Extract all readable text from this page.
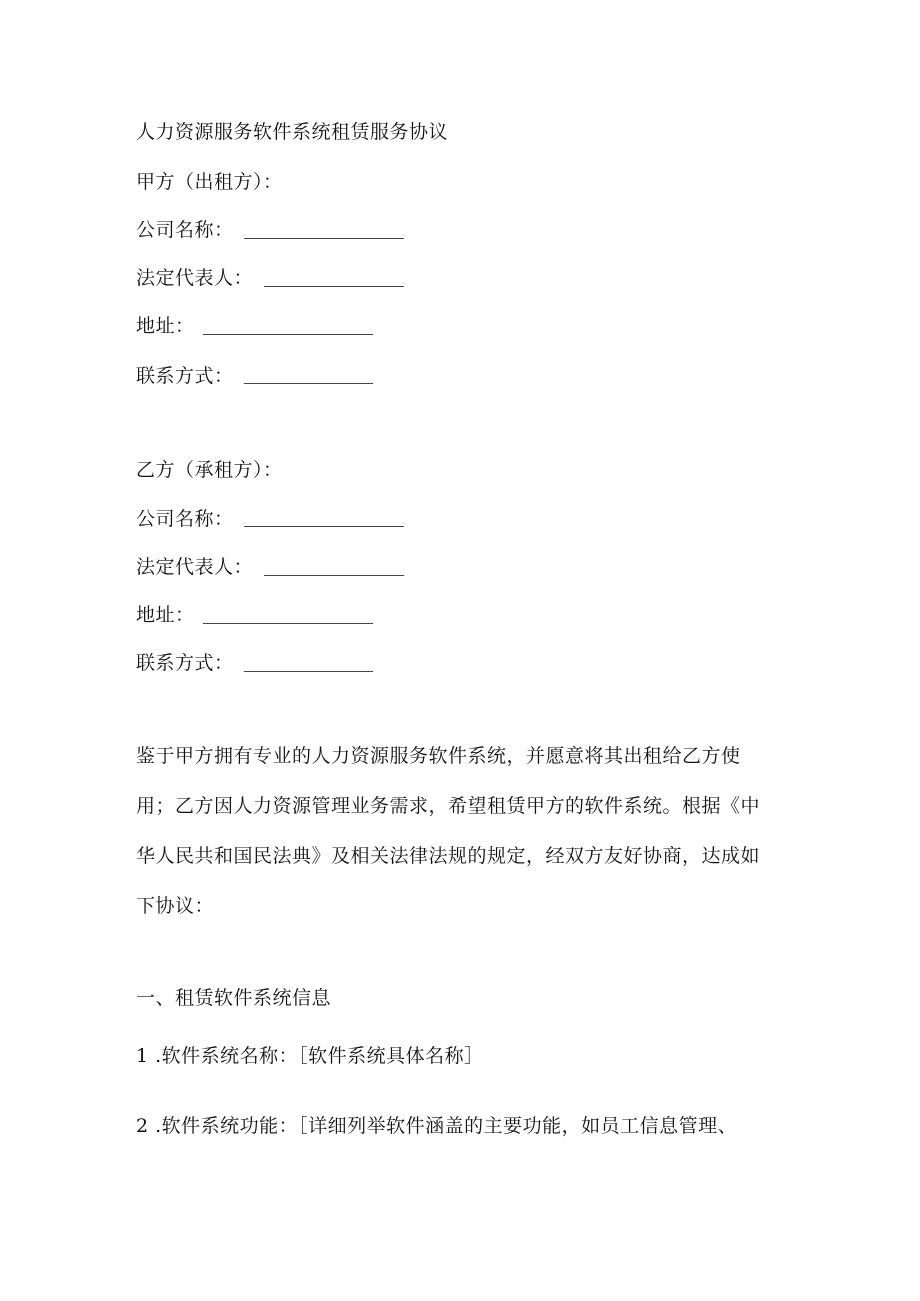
人力资源服务软件系统租赁服务协议
甲方（出租方）：
公司名称：
法定代表人：
地址：
联系方式：
乙方（承租方）：
公司名称：
法定代表人：
地址：
联系方式：
鉴于甲方拥有专业的人力资源服务软件系统，并愿意将其出租给乙方使
用；乙方因人力资源管理业务需求，希望租赁甲方的软件系统。根据《中
华人民共和国民法典》及相关法律法规的规定，经双方友好协商，达成如
下协议：
一、租赁软件系统信息
1 .软件系统名称：［软件系统具体名称］
2 .软件系统功能：［详细列举软件涵盖的主要功能，如员工信息管理、
